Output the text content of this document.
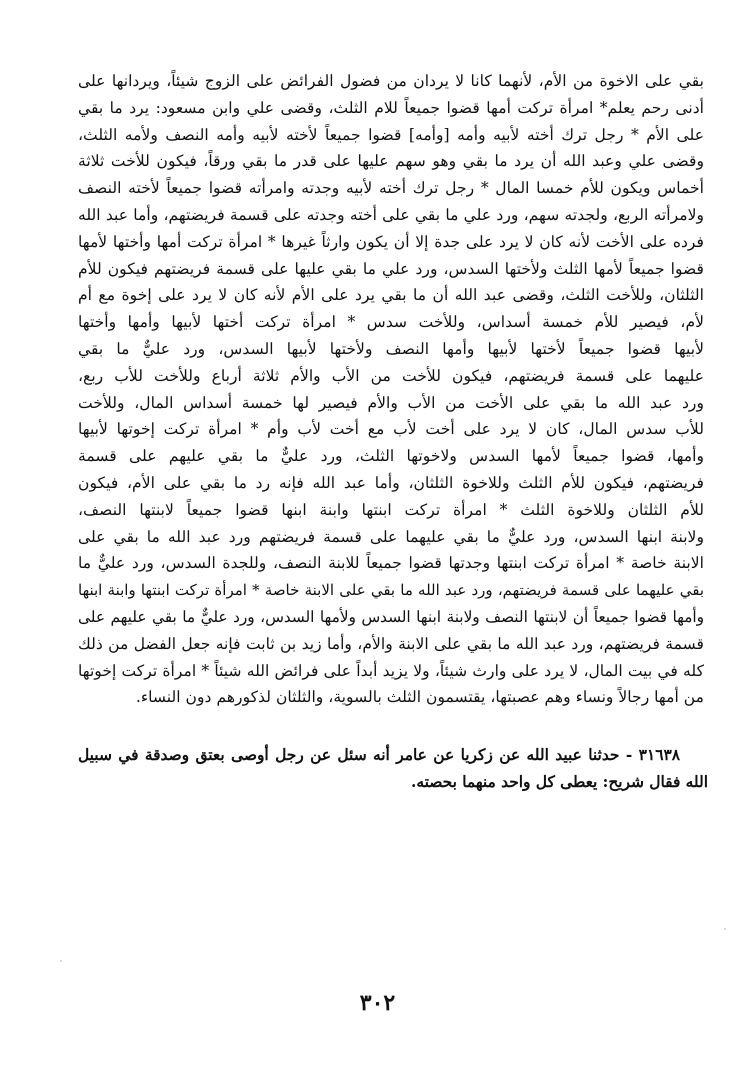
بقي على الاخوة من الأم، لأنهما كانا لا يردان من فضول الفرائض على الزوج شيئاً، ويردانها على
أدنى رحم يعلم* امرأة تركت أمها قضوا جميعاً للام الثلث، وقضى علي وابن مسعود: يرد ما بقي
على الأم * رجل ترك أخته لأبيه وأمه [وأمه] قضوا جميعاً لأخته لأبيه وأمه النصف ولأمه الثلث،
وقضى علي وعبد الله أن يرد ما بقي وهو سهم عليها على قدر ما بقي ورقاً، فيكون للأخت ثلاثة
أخماس ويكون للأم خمسا المال * رجل ترك أخته لأبيه وجدته وامرأته قضوا جميعاً لأخته النصف
ولامرأته الربع، ولجدته سهم، ورد علي ما بقي على أخته وجدته على قسمة فريضتهم، وأما عبد الله
فرده على الأخت لأنه كان لا يرد على جدة إلا أن يكون وارثاً غيرها * امرأة تركت أمها وأختها لأمها
قضوا جميعاً لأمها الثلث ولأختها السدس، ورد علي ما بقي عليها على قسمة فريضتهم فيكون للأم
الثلثان، وللأخت الثلث، وقضى عبد الله أن ما بقي يرد على الأم لأنه كان لا يرد على إخوة مع أم
لأم، فيصير للأم خمسة أسداس، وللأخت سدس * امرأة تركت أختها لأبيها وأمها وأختها
لأبيها قضوا جميعاً لأختها لأبيها وأمها النصف ولأختها لأبيها السدس، ورد عليٌّ ما بقي
عليهما على قسمة فريضتهم، فيكون للأخت من الأب والأم ثلاثة أرباع وللأخت للأب ربع،
ورد عبد الله ما بقي على الأخت من الأب والأم فيصير لها خمسة أسداس المال، وللأخت
للأب سدس المال، كان لا يرد على أخت لأب مع أخت لأب وأم * امرأة تركت إخوتها لأبيها
وأمها، قضوا جميعاً لأمها السدس ولاخوتها الثلث، ورد عليٌّ ما بقي عليهم على قسمة
فريضتهم، فيكون للأم الثلث وللاخوة الثلثان، وأما عبد الله فإنه رد ما بقي على الأم، فيكون
للأم الثلثان وللاخوة الثلث * امرأة تركت ابنتها وابنة ابنها قضوا جميعاً لابنتها النصف،
ولابنة ابنها السدس، ورد عليٌّ ما بقي عليهما على قسمة فريضتهم ورد عبد الله ما بقي على
الابنة خاصة * امرأة تركت ابنتها وجدتها قضوا جميعاً للابنة النصف، وللجدة السدس، ورد عليٌّ ما
بقي عليهما على قسمة فريضتهم، ورد عبد الله ما بقي على الابنة خاصة * امرأة تركت ابنتها وابنة ابنها
وأمها قضوا جميعاً أن لابنتها النصف ولابنة ابنها السدس ولأمها السدس، ورد عليٌّ ما بقي عليهم على
قسمة فريضتهم، ورد عبد الله ما بقي على الابنة والأم، وأما زيد بن ثابت فإنه جعل الفضل من ذلك
كله في بيت المال، لا يرد على وارث شيئاً، ولا يزيد أبداً على فرائض الله شيئاً * امرأة تركت إخوتها
من أمها رجالاً ونساء وهم عصبتها، يقتسمون الثلث بالسوية، والثلثان لذكورهم دون النساء.
٣١٦٣٨ - حدثنا عبيد الله عن زكريا عن عامر أنه سئل عن رجل أوصى بعتق وصدقة في سبيل
الله فقال شريح: يعطى كل واحد منهما بحصته.
٣٠٢
